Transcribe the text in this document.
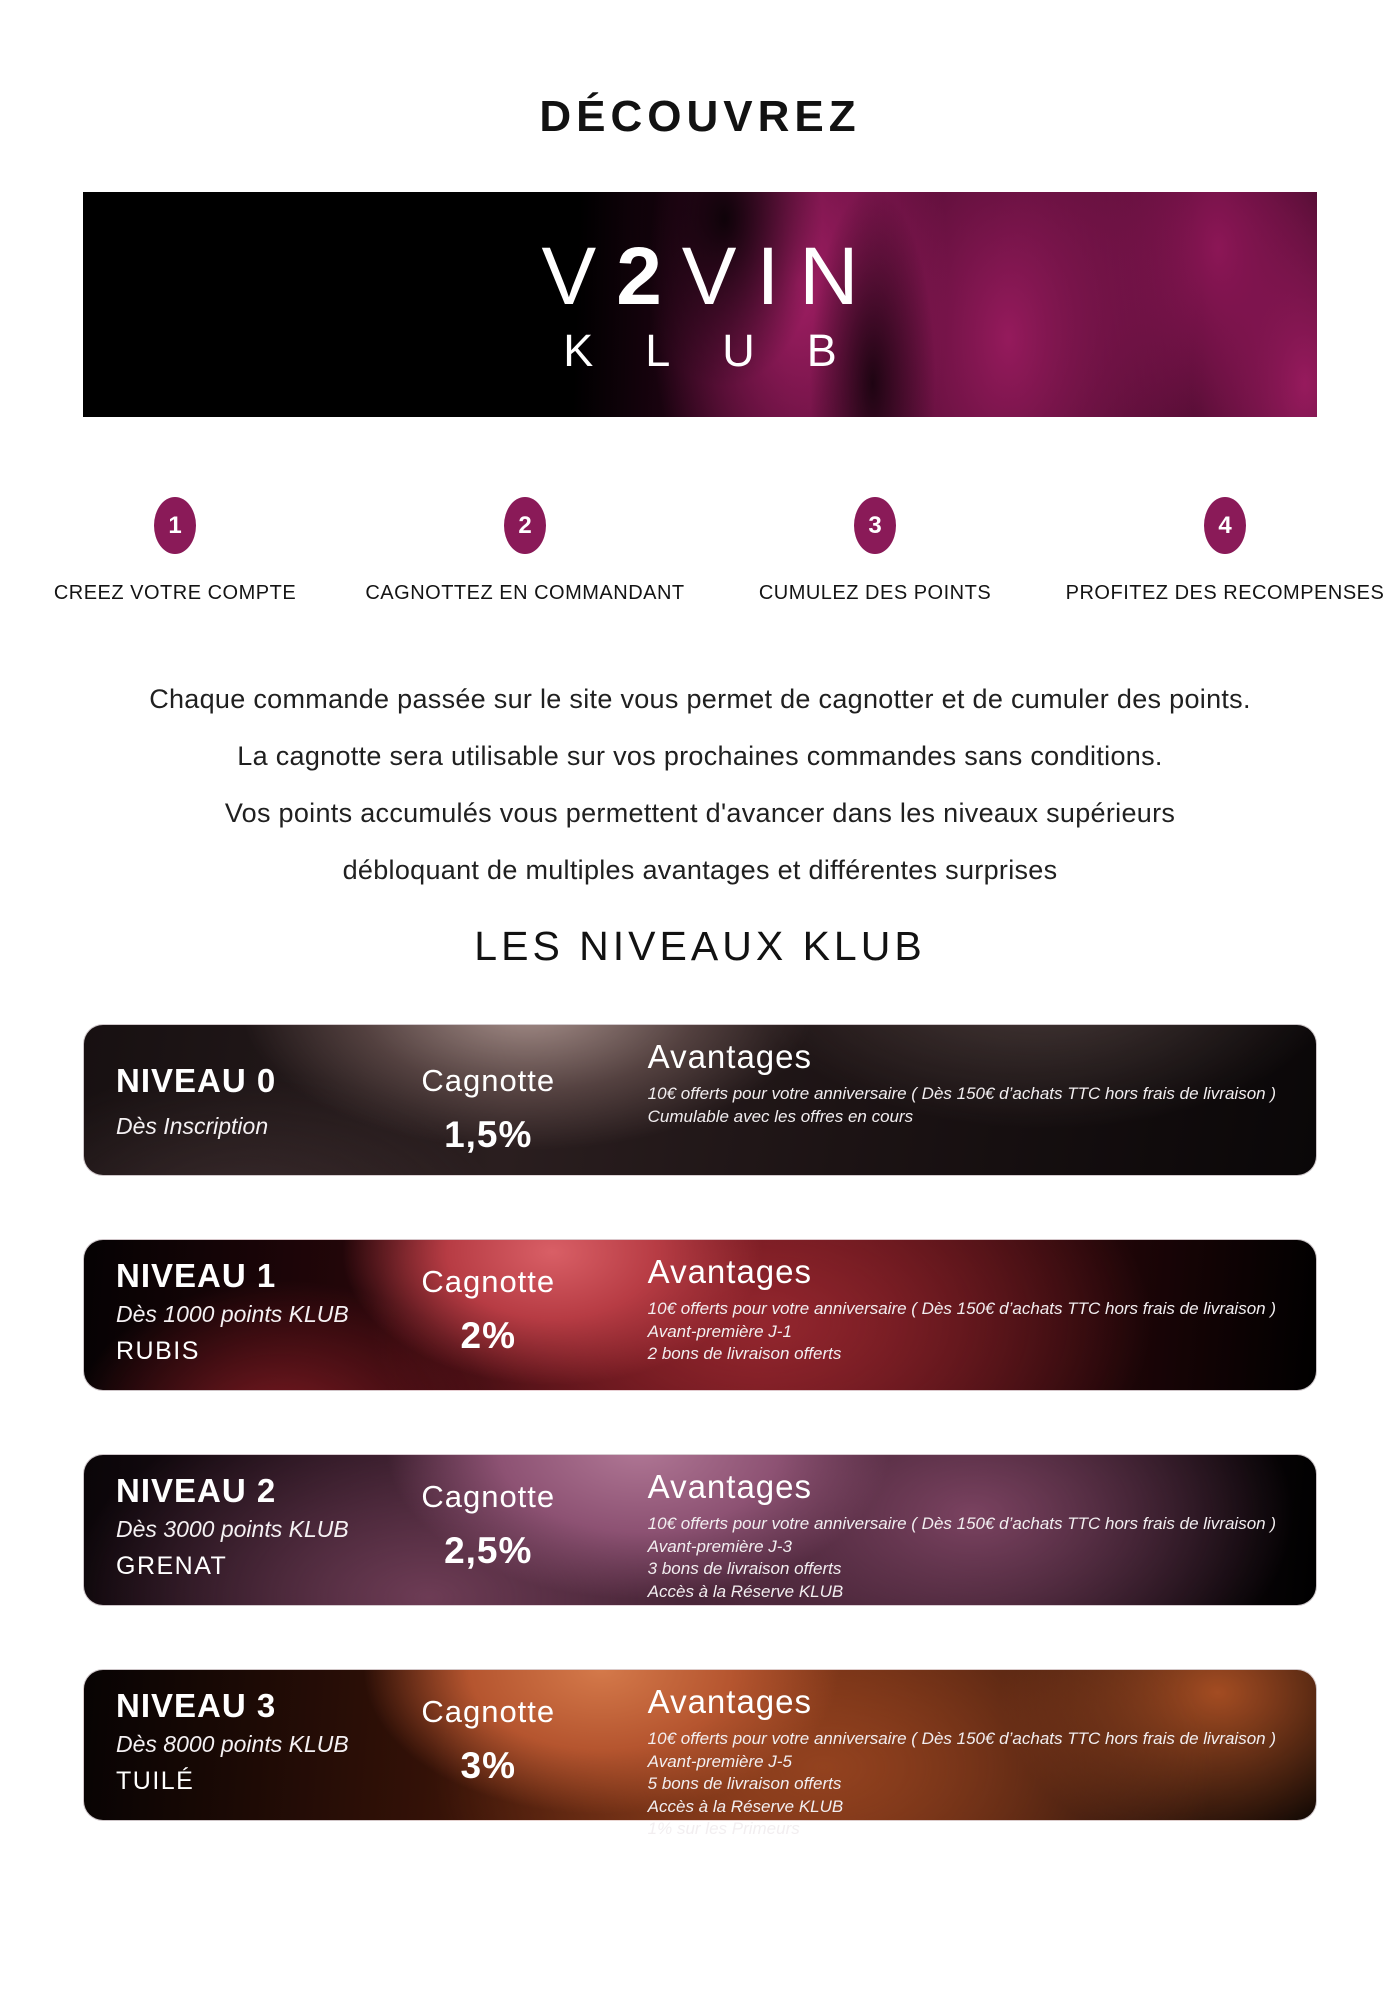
DÉCOUVREZ
V2VIN
KLUB
1
CREEZ VOTRE COMPTE
2
CAGNOTTEZ EN COMMANDANT
3
CUMULEZ DES POINTS
4
PROFITEZ DES RECOMPENSES

Chaque commande passée sur le site vous permet de cagnotter et de cumuler des points.

La cagnotte sera utilisable sur vos prochaines commandes sans conditions.

Vos points accumulés vous permettent d'avancer dans les niveaux supérieurs

débloquant de multiples avantages et différentes surprises

LES NIVEAUX KLUB
NIVEAU 0

Dès Inscription

Cagnotte

1,5%

Avantages

10€ offerts pour votre anniversaire ( Dès 150€ d’achats TTC hors frais de livraison )

Cumulable avec les offres en cours

NIVEAU 1

Dès 1000 points KLUB

RUBIS

Cagnotte

2%

Avantages

10€ offerts pour votre anniversaire ( Dès 150€ d’achats TTC hors frais de livraison )

Avant-première J-1

2 bons de livraison offerts

NIVEAU 2

Dès 3000 points KLUB

GRENAT

Cagnotte

2,5%

Avantages

10€ offerts pour votre anniversaire ( Dès 150€ d’achats TTC hors frais de livraison )

Avant-première J-3

3 bons de livraison offerts

Accès à la Réserve KLUB

NIVEAU 3

Dès 8000 points KLUB

TUILÉ

Cagnotte

3%

Avantages

10€ offerts pour votre anniversaire ( Dès 150€ d’achats TTC hors frais de livraison )

Avant-première J-5

5 bons de livraison offerts

Accès à la Réserve KLUB

1% sur les Primeurs
